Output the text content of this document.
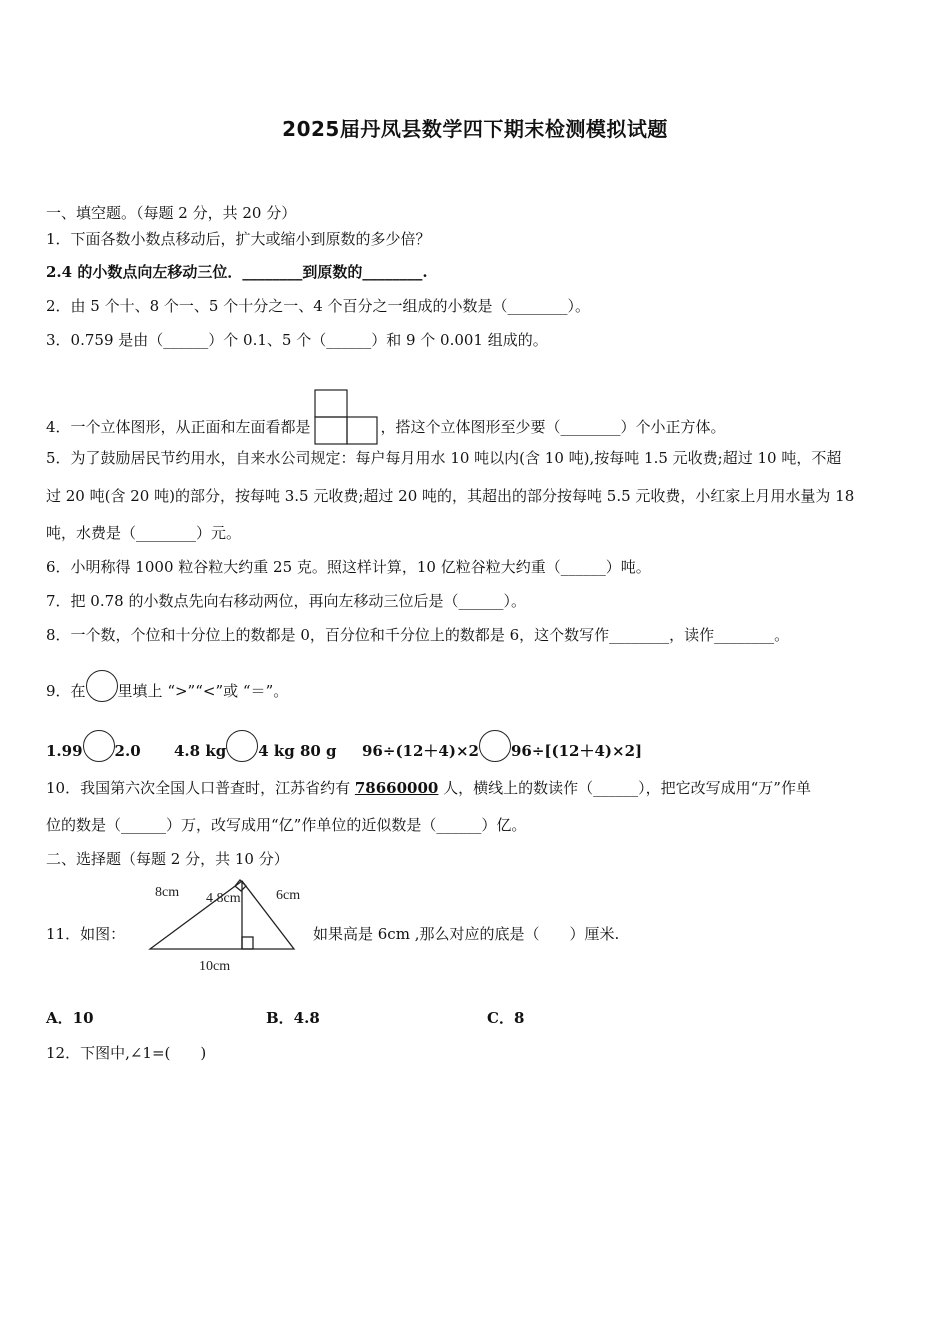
2025届丹凤县数学四下期末检测模拟试题
一、填空题。（每题 2 分，共 20 分）
1．下面各数小数点移动后，扩大或缩小到原数的多少倍？
2.4 的小数点向左移动三位．________到原数的________.
2．由 5 个十、8 个一、5 个十分之一、4 个百分之一组成的小数是（________）。
3．0.759 是由（______）个 0.1、5 个（______）和 9 个 0.001 组成的。
4．一个立体图形，从正面和左面看都是	，搭这个立体图形至少要（________）个小正方体。
5．为了鼓励居民节约用水，自来水公司规定：每户每月用水 10 吨以内(含 10 吨),按每吨 1.5 元收费;超过 10 吨，不超
过 20 吨(含 20 吨)的部分，按每吨 3.5 元收费;超过 20 吨的，其超出的部分按每吨 5.5 元收费，小红家上月用水量为 18
吨，水费是（________）元。
6．小明称得 1000 粒谷粒大约重 25 克。照这样计算，10 亿粒谷粒大约重（______）吨。
7．把 0.78 的小数点先向右移动两位，再向左移动三位后是（______）。
8．一个数，个位和十分位上的数都是 0，百分位和千分位上的数都是 6，这个数写作________，读作________。
9．在 里填上 “>”“<”或 “＝”。
1.99 2.0 4.8 kg 4 kg 80 g 96÷(12＋4)×2 96÷[(12＋4)×2]
10．我国第六次全国人口普查时，江苏省约有 78660000 人，横线上的数读作（______），把它改写成用“万”作单
位的数是（______）万，改写成用“亿”作单位的近似数是（______）亿。
二、选择题（每题 2 分，共 10 分）
11．如图：
8cm 4.8cm	6cm
10cm
如果高是 6cm ,那么对应的底是（　　）厘米.
A．10	B．4.8	C．8
12．下图中,∠1=(　　)
